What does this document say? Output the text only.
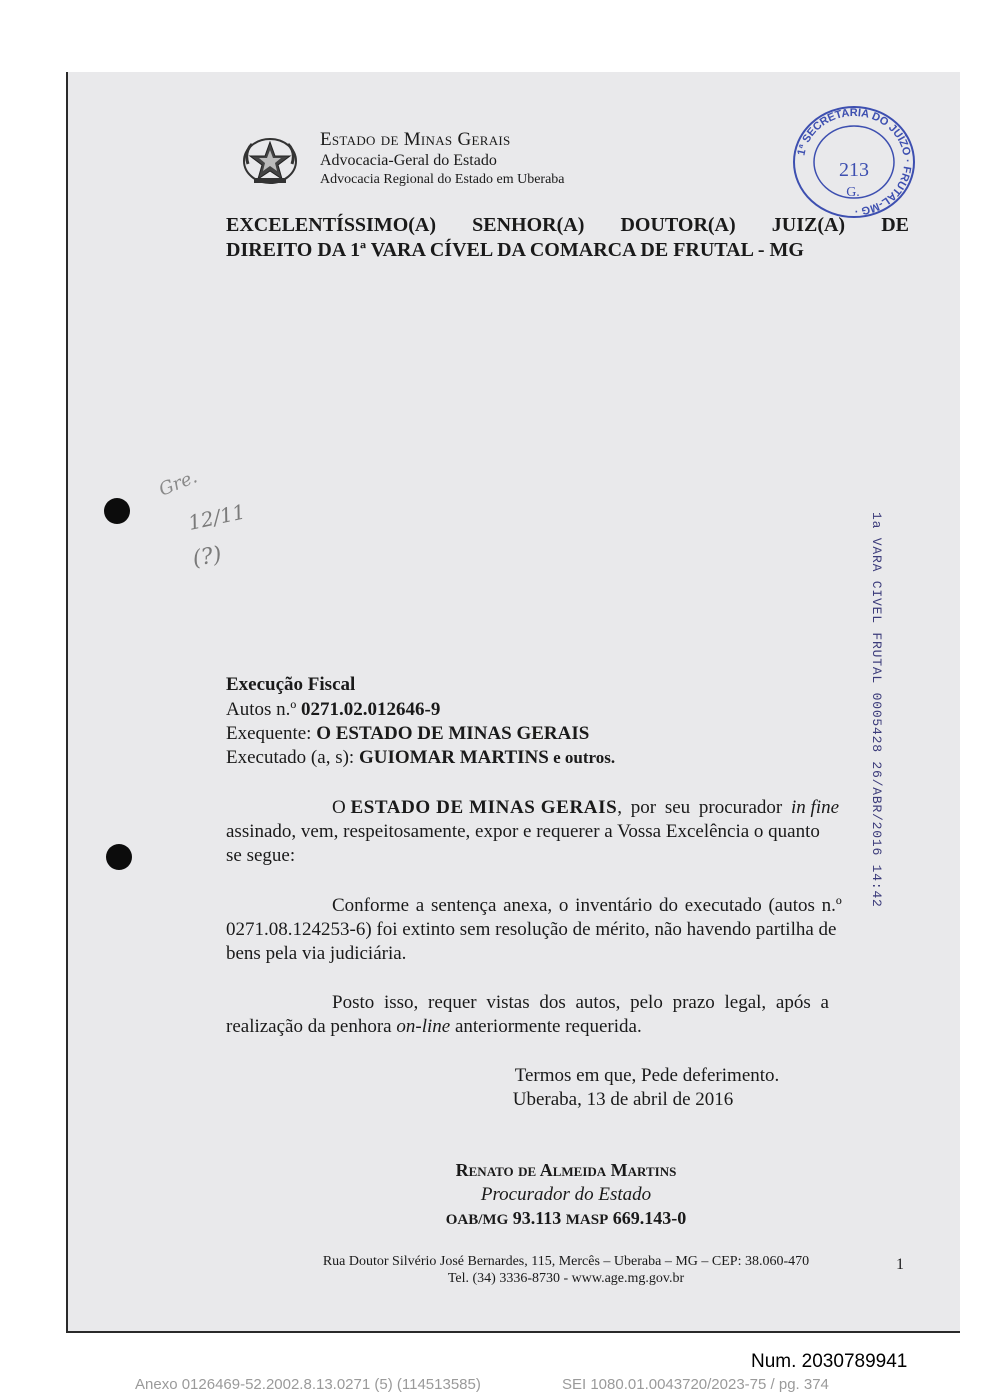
Estado de Minas Gerais
Advocacia-Geral do Estado
Advocacia Regional do Estado em Uberaba
1ª SECRETARIA DO JUÍZO · FRUTAL-MG ·
213
G.
EXCELENTÍSSIMO(A) SENHOR(A) DOUTOR(A) JUIZ(A) DE
DIREITO DA 1ª VARA CÍVEL DA COMARCA DE FRUTAL - MG
Gre.
12/11
(?)	1a VARA CIVEL FRUTAL 0005428 26/ABR/2016 14:42
Execução Fiscal
Autos n.º 0271.02.012646-9
Exequente: O ESTADO DE MINAS GERAIS
Executado (a, s): GUIOMAR MARTINS e outros.
O ESTADO DE MINAS GERAIS, por seu procurador in fine
assinado, vem, respeitosamente, expor e requerer a Vossa Excelência o quanto
se segue:
Conforme a sentença anexa, o inventário do executado (autos n.º
0271.08.124253-6) foi extinto sem resolução de mérito, não havendo partilha de
bens pela via judiciária.
Posto isso, requer vistas dos autos, pelo prazo legal, após a
realização da penhora on-line anteriormente requerida.
Termos em que, Pede deferimento.
Uberaba, 13 de abril de 2016
Renato de Almeida Martins
Procurador do Estado
OAB/MG 93.113 MASP 669.143-0
Rua Doutor Silvério José Bernardes, 115, Mercês – Uberaba – MG – CEP: 38.060-470
Tel. (34) 3336-8730 - www.age.mg.gov.br
1
Num. 2030789941
Anexo 0126469-52.2002.8.13.0271 (5) (114513585)	SEI 1080.01.0043720/2023-75 / pg. 374
